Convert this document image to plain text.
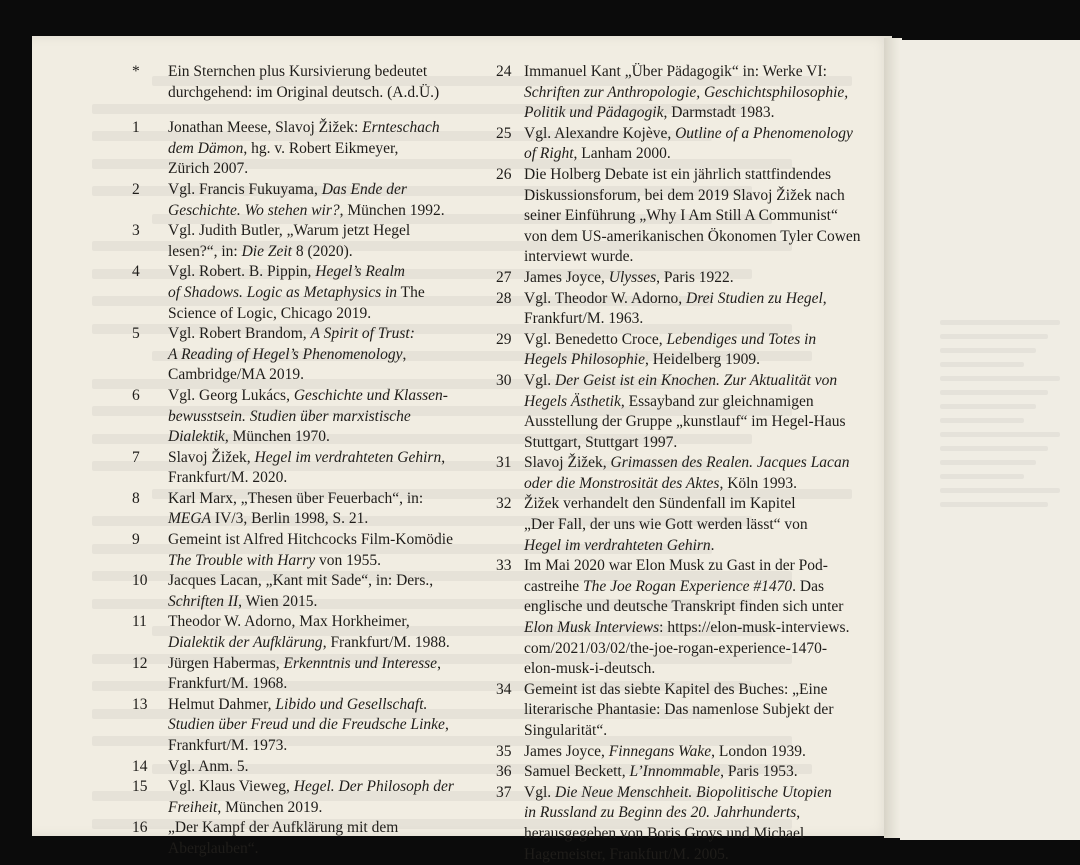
*	Ein Sternchen plus Kursivierung bedeutet
durchgehend: im Original deutsch. (A.d.Ü.)
1	Jonathan Meese, Slavoj Žižek: Ernteschach
dem Dämon, hg. v. Robert Eikmeyer,
Zürich 2007.
2	Vgl. Francis Fukuyama, Das Ende der
Geschichte. Wo stehen wir?, München 1992.
3	Vgl. Judith Butler, „Warum jetzt Hegel
lesen?“, in: Die Zeit 8 (2020).
4	Vgl. Robert. B. Pippin, Hegel’s Realm
of Shadows. Logic as Metaphysics in The
Science of Logic, Chicago 2019.
5	Vgl. Robert Brandom, A Spirit of Trust:
A Reading of Hegel’s Phenomenology,
Cambridge/MA 2019.
6	Vgl. Georg Lukács, Geschichte und Klassen-
bewusstsein. Studien über marxistische
Dialektik, München 1970.
7	Slavoj Žižek, Hegel im verdrahteten Gehirn,
Frankfurt/M. 2020.
8	Karl Marx, „Thesen über Feuerbach“, in:
MEGA IV/3, Berlin 1998, S. 21.
9	Gemeint ist Alfred Hitchcocks Film-Komödie
The Trouble with Harry von 1955.
10	Jacques Lacan, „Kant mit Sade“, in: Ders.,
Schriften II, Wien 2015.
11	Theodor W. Adorno, Max Horkheimer,
Dialektik der Aufklärung, Frankfurt/M. 1988.
12	Jürgen Habermas, Erkenntnis und Interesse,
Frankfurt/M. 1968.
13	Helmut Dahmer, Libido und Gesellschaft.
Studien über Freud und die Freudsche Linke,
Frankfurt/M. 1973.
14	Vgl. Anm. 5.
15	Vgl. Klaus Vieweg, Hegel. Der Philosoph der
Freiheit, München 2019.
16	„Der Kampf der Aufklärung mit dem
Aberglauben“.
24 Immanuel Kant „Über Pädagogik“ in: Werke VI:
Schriften zur Anthropologie, Geschichtsphilosophie,
Politik und Pädagogik, Darmstadt 1983.
25 Vgl. Alexandre Kojève, Outline of a Phenomenology
of Right, Lanham 2000.
26 Die Holberg Debate ist ein jährlich stattfindendes
Diskussionsforum, bei dem 2019 Slavoj Žižek nach
seiner Einführung „Why I Am Still A Communist“
von dem US-amerikanischen Ökonomen Tyler Cowen
interviewt wurde.
27 James Joyce, Ulysses, Paris 1922.
28 Vgl. Theodor W. Adorno, Drei Studien zu Hegel,
Frankfurt/M. 1963.
29 Vgl. Benedetto Croce, Lebendiges und Totes in
Hegels Philosophie, Heidelberg 1909.
30 Vgl. Der Geist ist ein Knochen. Zur Aktualität von
Hegels Ästhetik, Essayband zur gleichnamigen
Ausstellung der Gruppe „kunstlauf“ im Hegel-Haus
Stuttgart, Stuttgart 1997.
31 Slavoj Žižek, Grimassen des Realen. Jacques Lacan
oder die Monstrosität des Aktes, Köln 1993.
32 Žižek verhandelt den Sündenfall im Kapitel
„Der Fall, der uns wie Gott werden lässt“ von
Hegel im verdrahteten Gehirn.
33 Im Mai 2020 war Elon Musk zu Gast in der Pod-
castreihe The Joe Rogan Experience #1470. Das
englische und deutsche Transkript finden sich unter
Elon Musk Interviews: https://elon-musk-interviews.
com/2021/03/02/the-joe-rogan-experience-1470-
elon-musk-i-deutsch.
34 Gemeint ist das siebte Kapitel des Buches: „Eine
literarische Phantasie: Das namenlose Subjekt der
Singularität“.
35 James Joyce, Finnegans Wake, London 1939.
36 Samuel Beckett, L’Innommable, Paris 1953.
37 Vgl. Die Neue Menschheit. Biopolitische Utopien
in Russland zu Beginn des 20. Jahrhunderts,
herausgegeben von Boris Groys und Michael
Hagemeister, Frankfurt/M. 2005.
